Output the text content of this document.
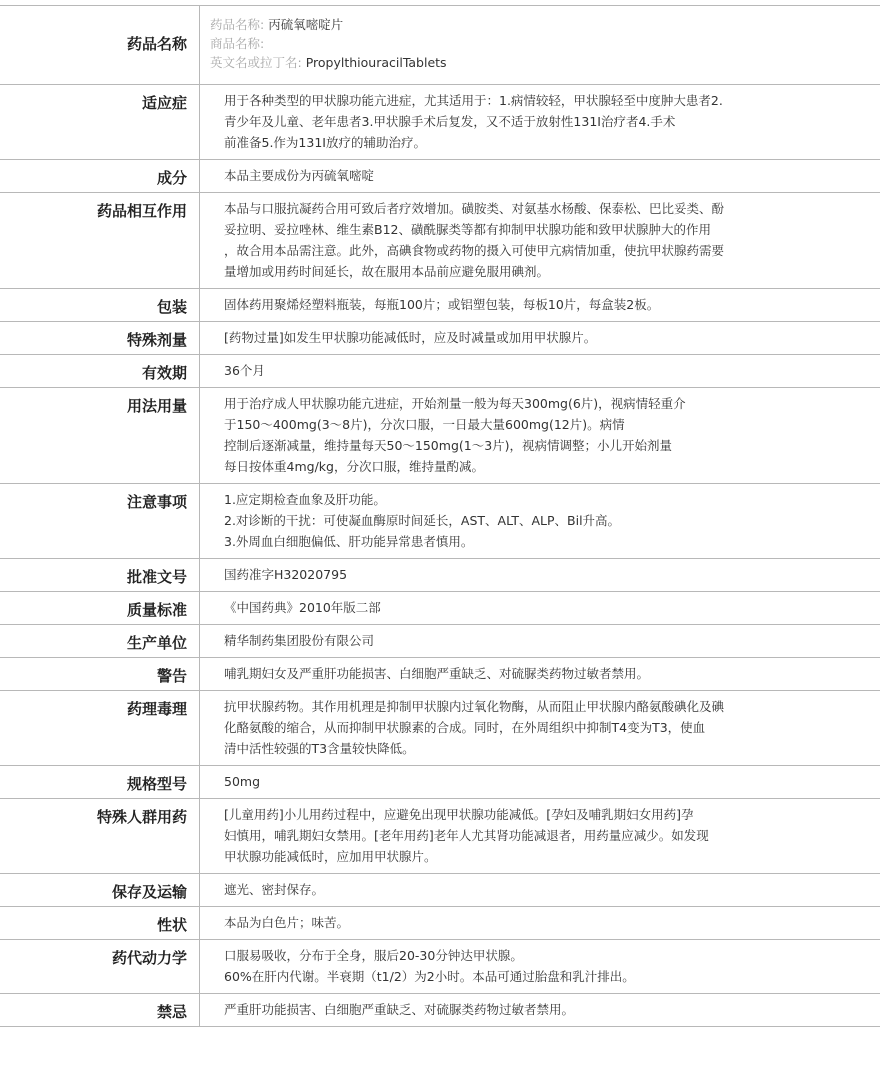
药品名称
药品名称: 丙硫氧嘧啶片
商品名称:
英文名或拉丁名: PropylthiouracilTablets
适应症	用于各种类型的甲状腺功能亢进症，尤其适用于：1.病情较轻，甲状腺轻至中度肿大患者2.
青少年及儿童、老年患者3.甲状腺手术后复发，又不适于放射性131I治疗者4.手术
前准备5.作为131I放疗的辅助治疗。
成分	本品主要成份为丙硫氧嘧啶
药品相互作用	本品与口服抗凝药合用可致后者疗效增加。磺胺类、对氨基水杨酸、保泰松、巴比妥类、酚
妥拉明、妥拉唑林、维生素B12、磺酰脲类等都有抑制甲状腺功能和致甲状腺肿大的作用
，故合用本品需注意。此外，高碘食物或药物的摄入可使甲亢病情加重，使抗甲状腺药需要
量增加或用药时间延长，故在服用本品前应避免服用碘剂。
包装	固体药用聚烯烃塑料瓶装，每瓶100片；或铝塑包装，每板10片，每盒装2板。
特殊剂量	[药物过量]如发生甲状腺功能减低时，应及时减量或加用甲状腺片。
有效期	36个月
用法用量	用于治疗成人甲状腺功能亢进症，开始剂量一般为每天300mg(6片)，视病情轻重介
于150～400mg(3～8片)，分次口服，一日最大量600mg(12片)。病情
控制后逐渐减量，维持量每天50～150mg(1～3片)，视病情调整；小儿开始剂量
每日按体重4mg/kg，分次口服，维持量酌减。
注意事项	1.应定期检查血象及肝功能。
2.对诊断的干扰：可使凝血酶原时间延长，AST、ALT、ALP、Bil升高。
3.外周血白细胞偏低、肝功能异常患者慎用。
批准文号	国药准字H32020795
质量标准	《中国药典》2010年版二部
生产单位	精华制药集团股份有限公司
警告	哺乳期妇女及严重肝功能损害、白细胞严重缺乏、对硫脲类药物过敏者禁用。
药理毒理	抗甲状腺药物。其作用机理是抑制甲状腺内过氧化物酶，从而阻止甲状腺内酪氨酸碘化及碘
化酪氨酸的缩合，从而抑制甲状腺素的合成。同时，在外周组织中抑制T4变为T3，使血
清中活性较强的T3含量较快降低。
规格型号	50mg
特殊人群用药	[儿童用药]小儿用药过程中，应避免出现甲状腺功能减低。[孕妇及哺乳期妇女用药]孕
妇慎用，哺乳期妇女禁用。[老年用药]老年人尤其肾功能减退者，用药量应减少。如发现
甲状腺功能减低时，应加用甲状腺片。
保存及运输	遮光、密封保存。
性状	本品为白色片；味苦。
药代动力学	口服易吸收，分布于全身，服后20-30分钟达甲状腺。
60%在肝内代谢。半衰期（t1/2）为2小时。本品可通过胎盘和乳汁排出。
禁忌	严重肝功能损害、白细胞严重缺乏、对硫脲类药物过敏者禁用。
